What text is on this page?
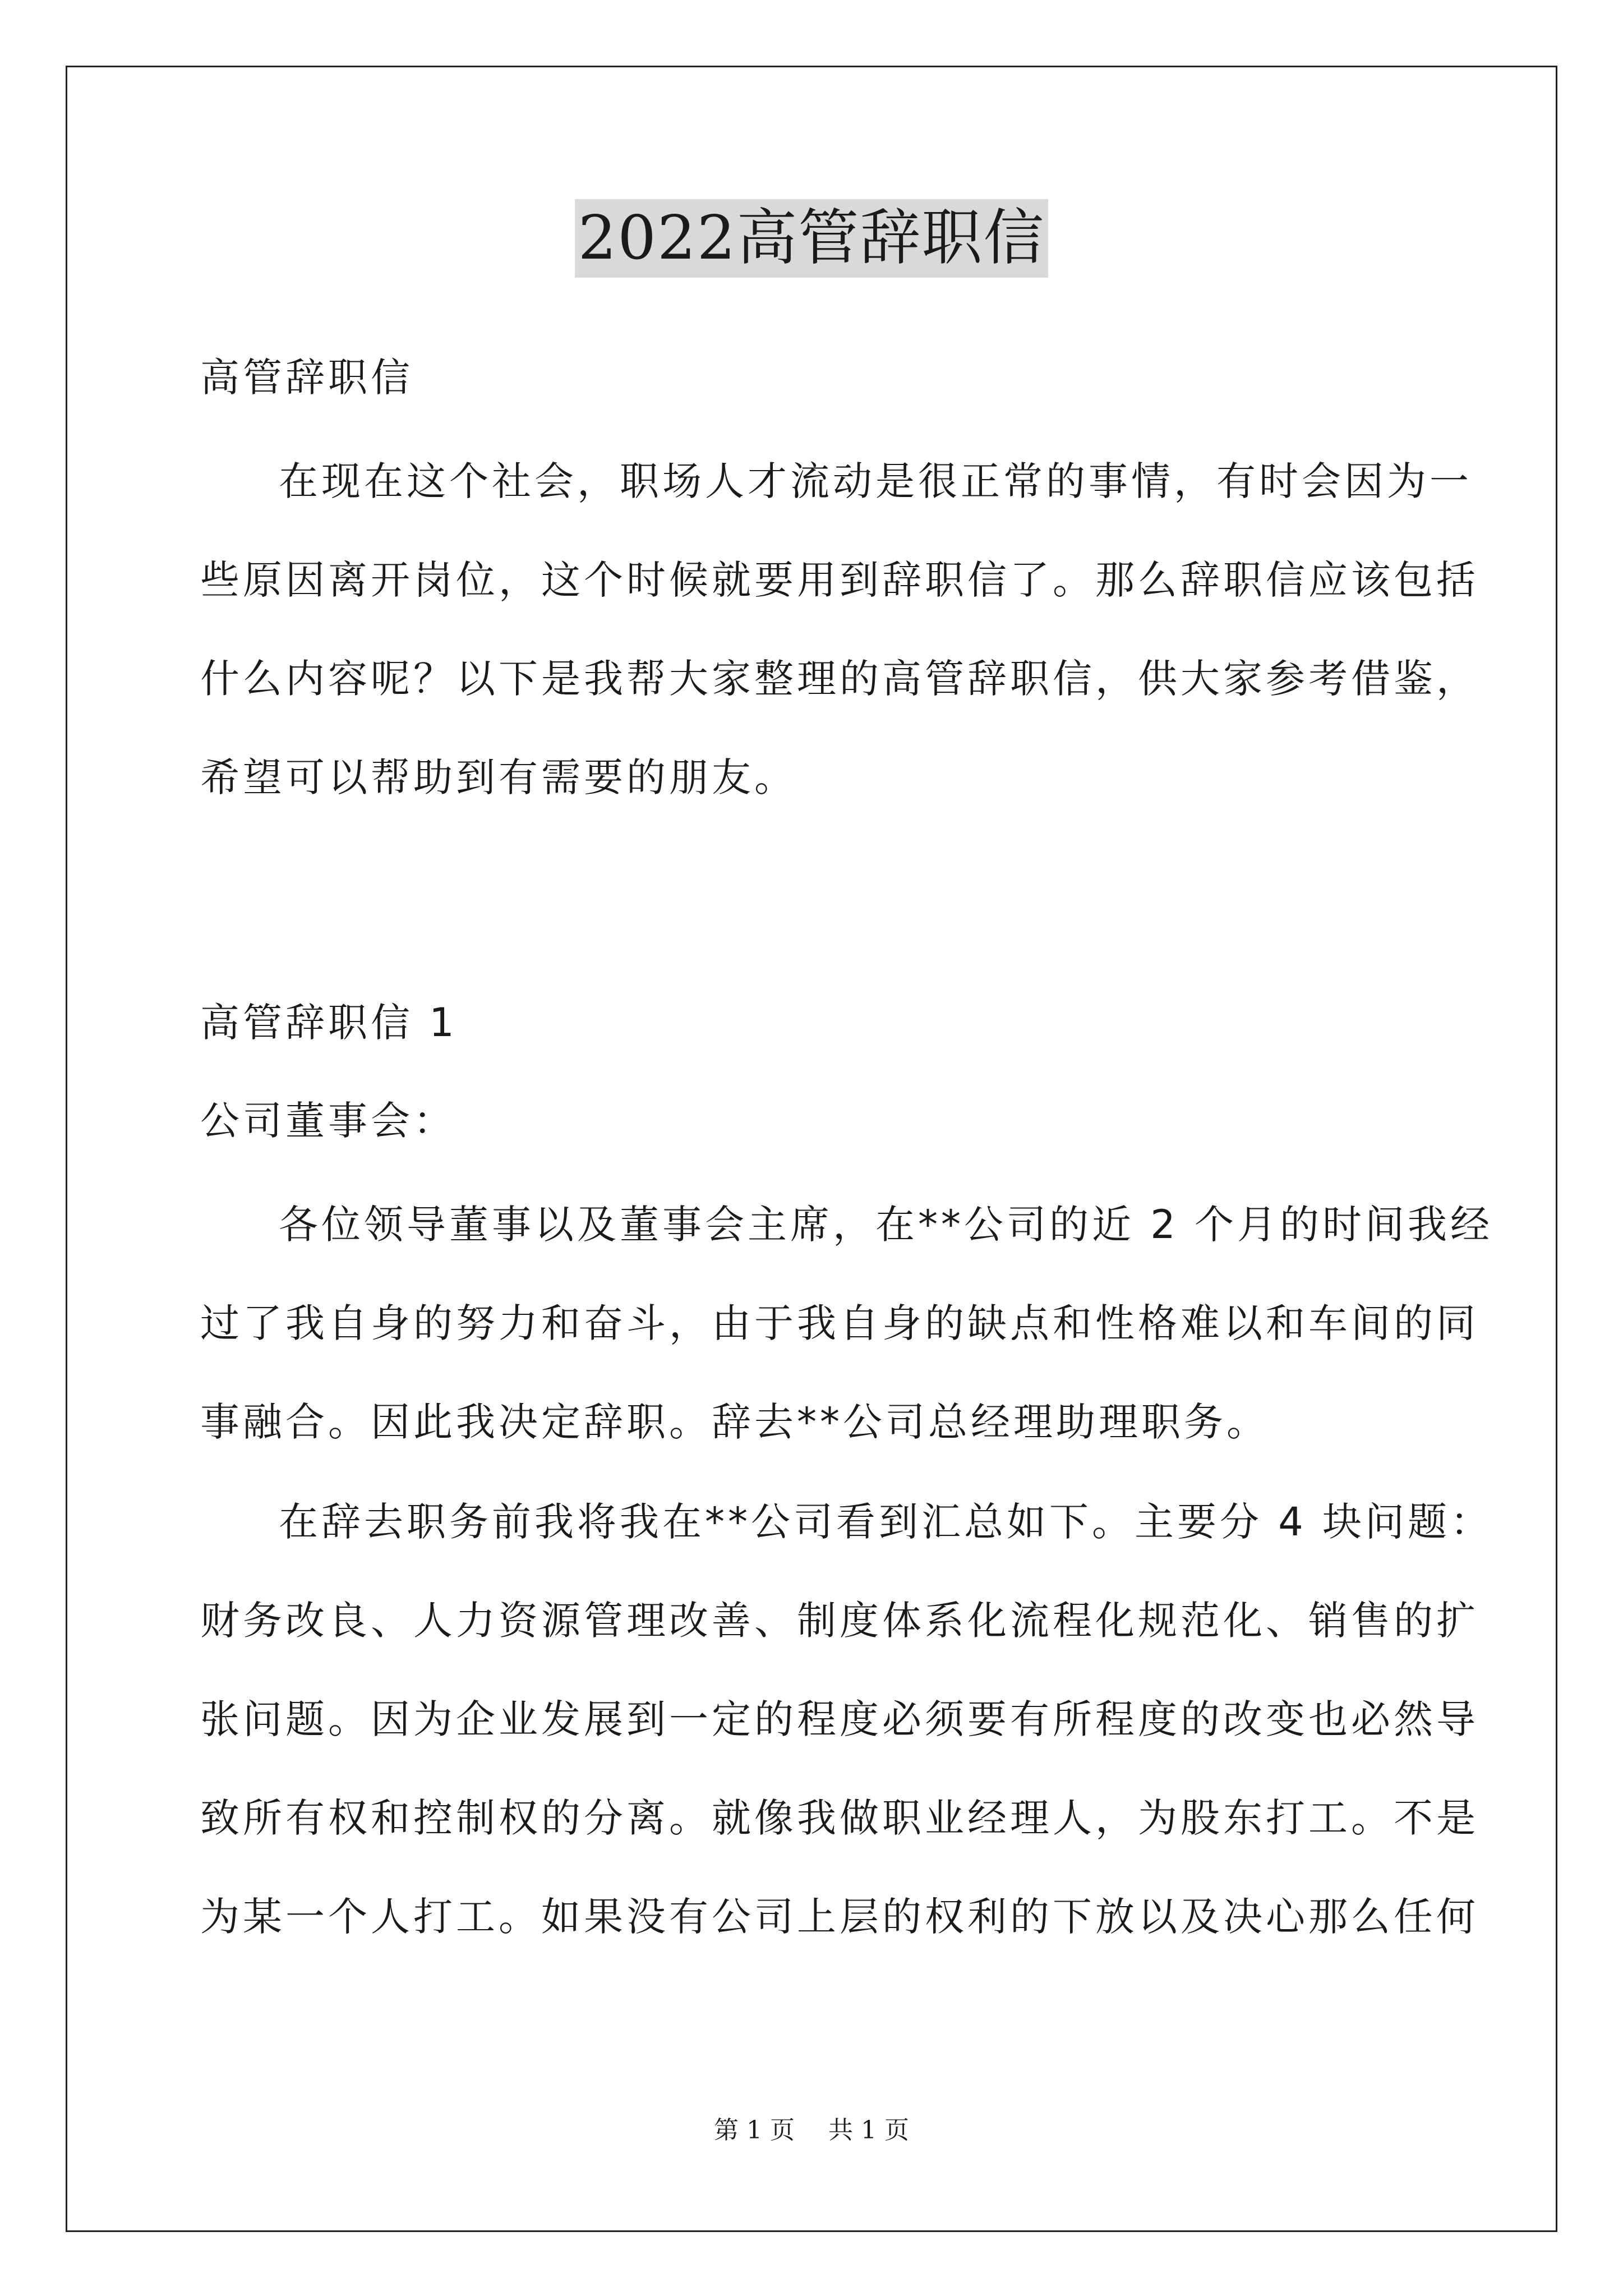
2022高管辞职信
高管辞职信
在现在这个社会，职场人才流动是很正常的事情，有时会因为一
些原因离开岗位，这个时候就要用到辞职信了。那么辞职信应该包括
什么内容呢？以下是我帮大家整理的高管辞职信，供大家参考借鉴，
希望可以帮助到有需要的朋友。
高管辞职信 1
公司董事会：
各位领导董事以及董事会主席，在**公司的近 2 个月的时间我经
过了我自身的努力和奋斗，由于我自身的缺点和性格难以和车间的同
事融合。因此我决定辞职。辞去**公司总经理助理职务。
在辞去职务前我将我在**公司看到汇总如下。主要分 4 块问题：
财务改良、人力资源管理改善、制度体系化流程化规范化、销售的扩
张问题。因为企业发展到一定的程度必须要有所程度的改变也必然导
致所有权和控制权的分离。就像我做职业经理人，为股东打工。不是
为某一个人打工。如果没有公司上层的权利的下放以及决心那么任何
第 1 页 共 1 页
